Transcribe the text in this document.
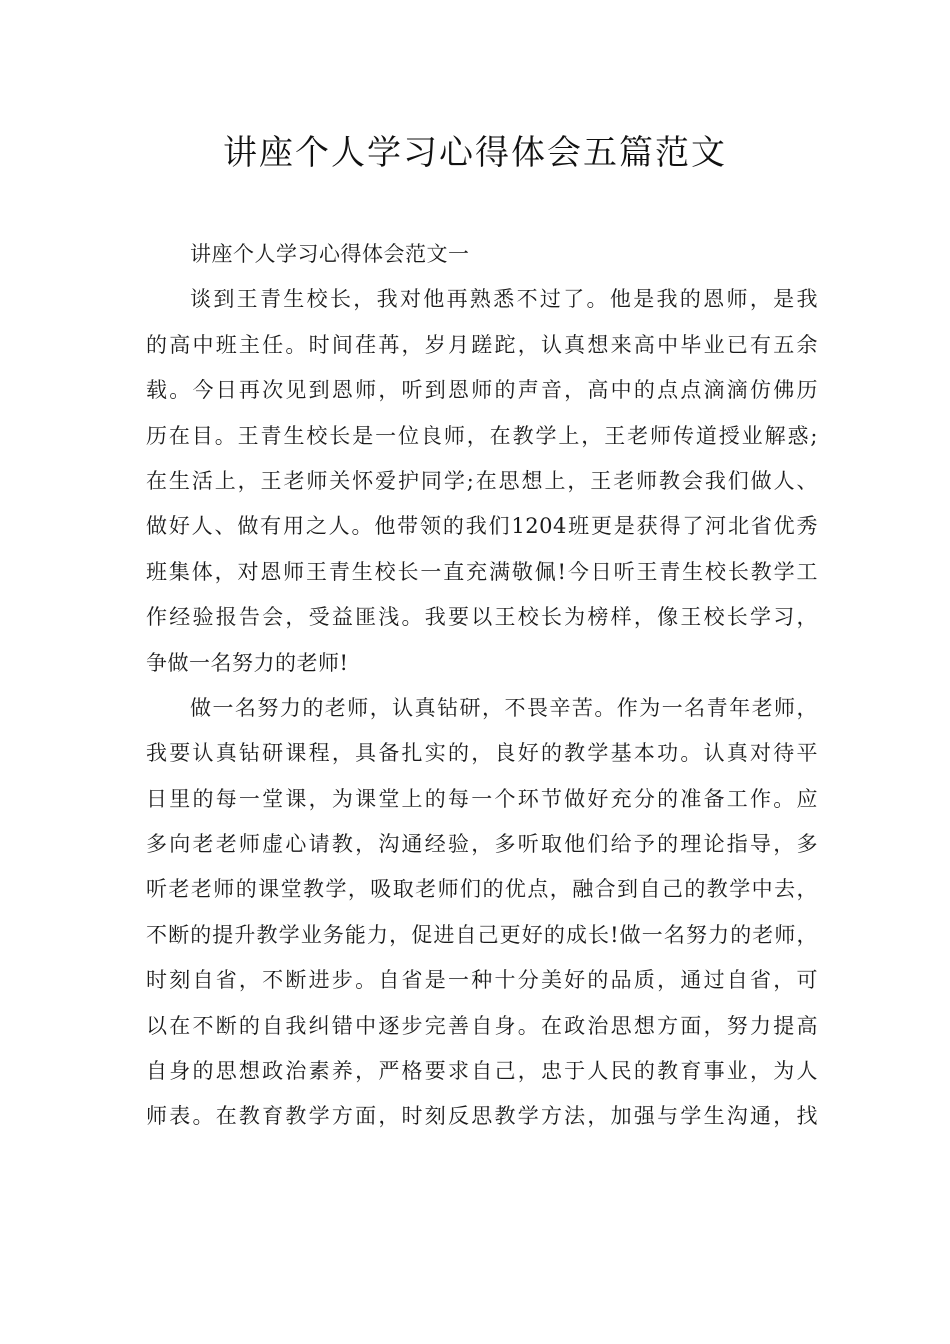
讲座个人学习心得体会五篇范文
讲座个人学习心得体会范文一
谈到王青生校长，我对他再熟悉不过了。他是我的恩师，是我
的高中班主任。时间荏苒，岁月蹉跎，认真想来高中毕业已有五余
载。今日再次见到恩师，听到恩师的声音，高中的点点滴滴仿佛历
历在目。王青生校长是一位良师，在教学上，王老师传道授业解惑;
在生活上，王老师关怀爱护同学;在思想上，王老师教会我们做人、
做好人、做有用之人。他带领的我们1204班更是获得了河北省优秀
班集体，对恩师王青生校长一直充满敬佩!今日听王青生校长教学工
作经验报告会，受益匪浅。我要以王校长为榜样，像王校长学习，
争做一名努力的老师!
做一名努力的老师，认真钻研，不畏辛苦。作为一名青年老师，
我要认真钻研课程，具备扎实的，良好的教学基本功。认真对待平
日里的每一堂课，为课堂上的每一个环节做好充分的准备工作。应
多向老老师虚心请教，沟通经验，多听取他们给予的理论指导，多
听老老师的课堂教学，吸取老师们的优点，融合到自己的教学中去，
不断的提升教学业务能力，促进自己更好的成长!做一名努力的老师，
时刻自省，不断进步。自省是一种十分美好的品质，通过自省，可
以在不断的自我纠错中逐步完善自身。在政治思想方面，努力提高
自身的思想政治素养，严格要求自己，忠于人民的教育事业，为人
师表。在教育教学方面，时刻反思教学方法，加强与学生沟通，找
